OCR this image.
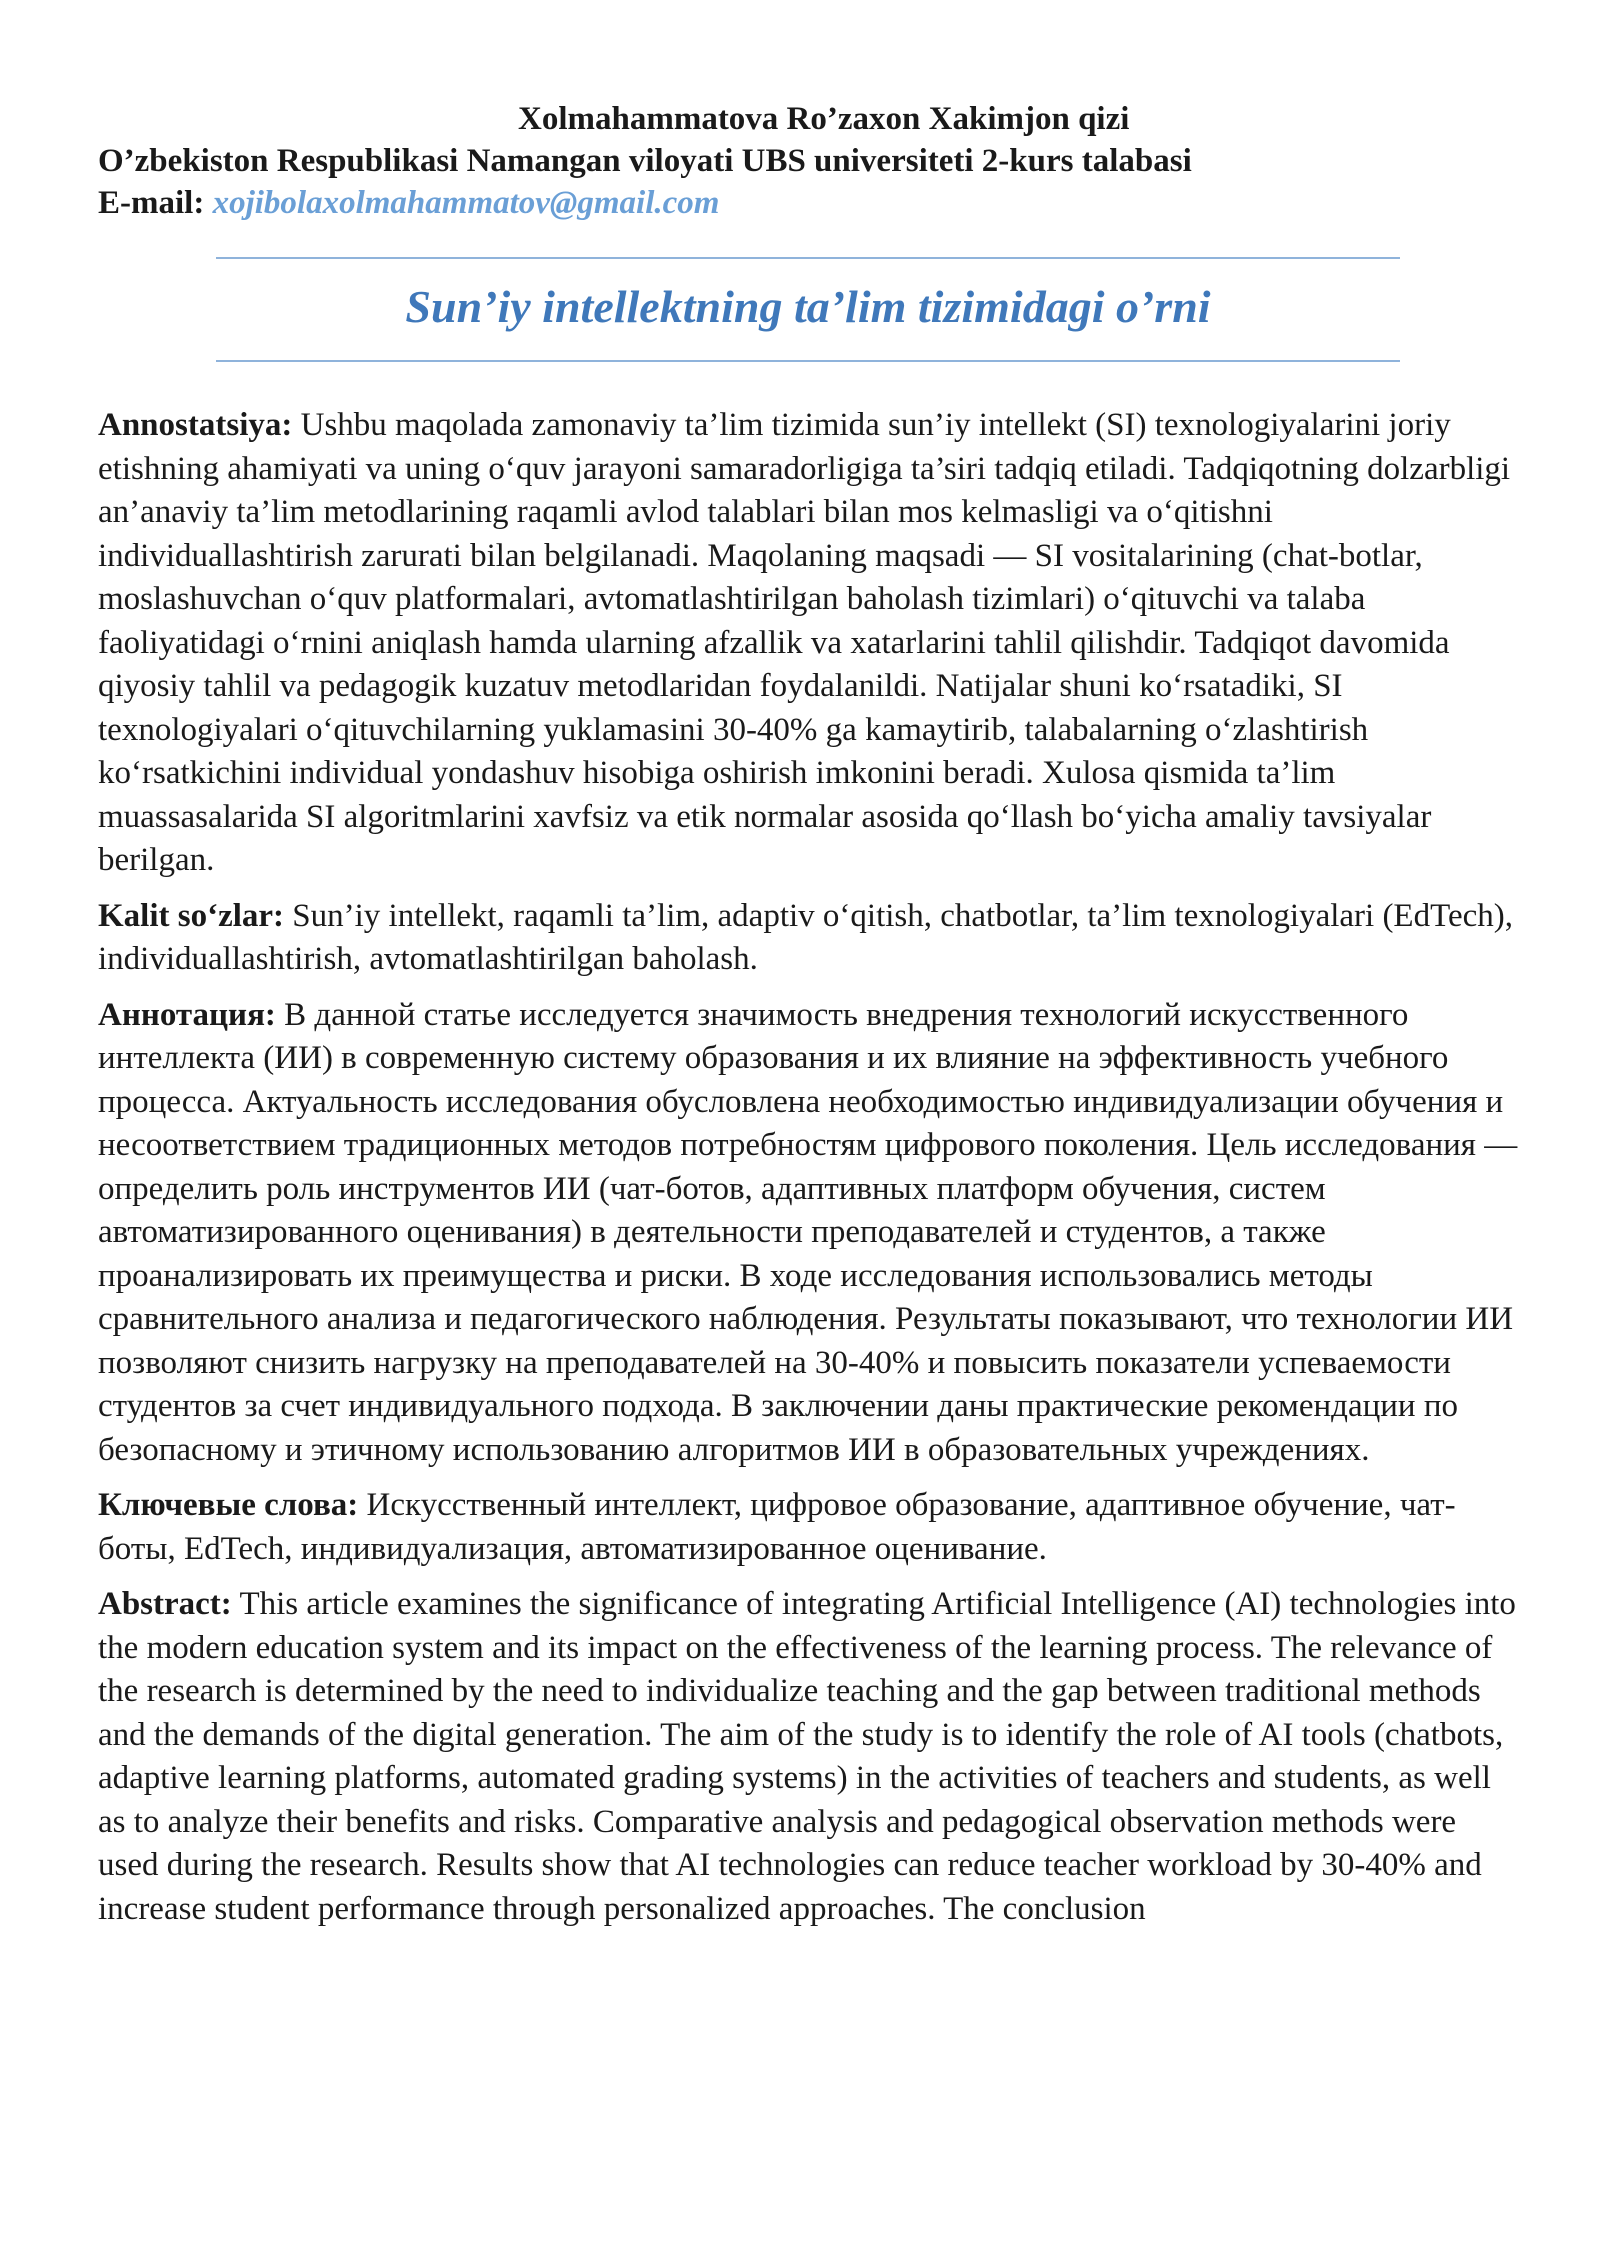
Xolmahammatova Ro’zaxon Xakimjon qizi

O’zbekiston Respublikasi Namangan viloyati UBS universiteti 2-kurs talabasi

E-mail: xojibolaxolmahammatov@gmail.com

Sun’iy intellektning ta’lim tizimidagi o’rni

Annostatsiya: Ushbu maqolada zamonaviy ta’lim tizimida sun’iy intellekt (SI) texnologiyalarini joriy etishning ahamiyati va uning o‘quv jarayoni samaradorligiga ta’siri tadqiq etiladi. Tadqiqotning dolzarbligi an’anaviy ta’lim metodlarining raqamli avlod talablari bilan mos kelmasligi va o‘qitishni individuallashtirish zarurati bilan belgilanadi. Maqolaning maqsadi — SI vositalarining (chat-botlar, moslashuvchan o‘quv platformalari, avtomatlashtirilgan baholash tizimlari) o‘qituvchi va talaba faoliyatidagi o‘rnini aniqlash hamda ularning afzallik va xatarlarini tahlil qilishdir. Tadqiqot davomida qiyosiy tahlil va pedagogik kuzatuv metodlaridan foydalanildi. Natijalar shuni ko‘rsatadiki, SI texnologiyalari o‘qituvchilarning yuklamasini 30-40% ga kamaytirib, talabalarning o‘zlashtirish ko‘rsatkichini individual yondashuv hisobiga oshirish imkonini beradi. Xulosa qismida ta’lim muassasalarida SI algoritmlarini xavfsiz va etik normalar asosida qo‘llash bo‘yicha amaliy tavsiyalar berilgan.

Kalit so‘zlar: Sun’iy intellekt, raqamli ta’lim, adaptiv o‘qitish, chatbotlar, ta’lim texnologiyalari (EdTech), individuallashtirish, avtomatlashtirilgan baholash.

Аннотация: В данной статье исследуется значимость внедрения технологий искусственного интеллекта (ИИ) в современную систему образования и их влияние на эффективность учебного процесса. Актуальность исследования обусловлена необходимостью индивидуализации обучения и несоответствием традиционных методов потребностям цифрового поколения. Цель исследования — определить роль инструментов ИИ (чат-ботов, адаптивных платформ обучения, систем автоматизированного оценивания) в деятельности преподавателей и студентов, а также проанализировать их преимущества и риски. В ходе исследования использовались методы сравнительного анализа и педагогического наблюдения. Результаты показывают, что технологии ИИ позволяют снизить нагрузку на преподавателей на 30-40% и повысить показатели успеваемости студентов за счет индивидуального подхода. В заключении даны практические рекомендации по безопасному и этичному использованию алгоритмов ИИ в образовательных учреждениях.

Ключевые слова: Искусственный интеллект, цифровое образование, адаптивное обучение, чат-боты, EdTech, индивидуализация, автоматизированное оценивание.

Abstract: This article examines the significance of integrating Artificial Intelligence (AI) technologies into the modern education system and its impact on the effectiveness of the learning process. The relevance of the research is determined by the need to individualize teaching and the gap between traditional methods and the demands of the digital generation. The aim of the study is to identify the role of AI tools (chatbots, adaptive learning platforms, automated grading systems) in the activities of teachers and students, as well as to analyze their benefits and risks. Comparative analysis and pedagogical observation methods were used during the research. Results show that AI technologies can reduce teacher workload by 30-40% and increase student performance through personalized approaches. The conclusion
